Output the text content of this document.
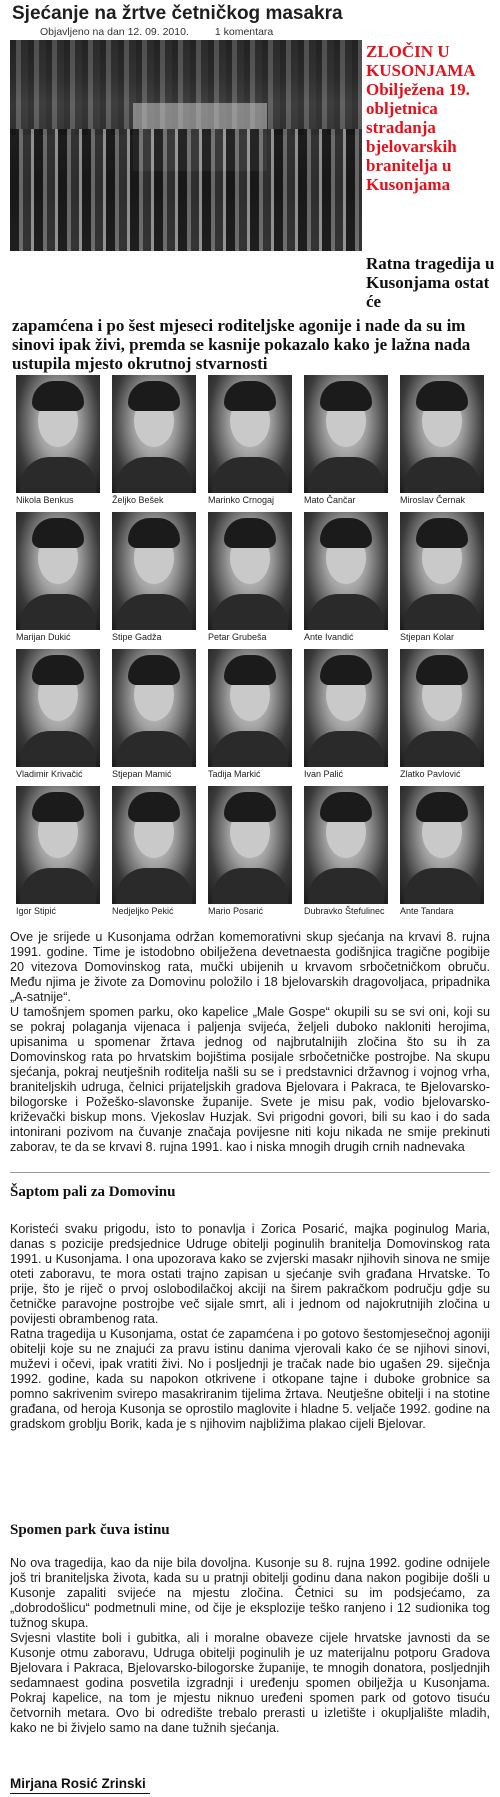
Sjećanje na žrtve četničkog masakra
Objavljeno na dan 12. 09. 2010. 1 komentara
ZLOČIN U KUSONJAMA Obilježena 19. obljetnica stradanja bjelovarskih branitelja u Kusonjama
Ratna tragedija u Kusonjama ostat će
zapamćena i po šest mjeseci roditeljske agonije i nade da su im sinovi ipak živi, premda se kasnije pokazalo kako je lažna nada ustupila mjesto okrutnoj stvarnosti
Nikola Benkus	Željko Bešek	Marinko Crnogaj	Mato Čančar	Miroslav Černak
Marijan Dukić	Stipe Gadža	Petar Grubeša	Ante Ivandić	Stjepan Kolar
Vladimir Krivačić	Stjepan Mamić	Tadija Markić	Ivan Palić	Zlatko Pavlović
Igor Stipić	Nedjeljko Pekić	Mario Posarić	Dubravko Štefulinec	Ante Tandara

Ove je srijede u Kusonjama održan komemorativni skup sjećanja na krvavi 8. rujna 1991. godine. Time je istodobno obilježena devetnaesta godišnjica tragične pogibije 20 vitezova Domovinskog rata, mučki ubijenih u krvavom srbočetničkom obruču. Među njima je živote za Domovinu položilo i 18 bjelovarskih dragovoljaca, pripadnika „A-satnije“.

U tamošnjem spomen parku, oko kapelice „Male Gospe“ okupili su se svi oni, koji su se pokraj polaganja vijenaca i paljenja svijeća, željeli duboko nakloniti herojima, upisanima u spomenar žrtava jednog od najbrutalnijih zločina što su ih za Domovinskog rata po hrvatskim bojištima posijale srbočetničke postrojbe. Na skupu sjećanja, pokraj neutješnih roditelja našli su se i predstavnici državnog i vojnog vrha, braniteljskih udruga, čelnici prijateljskih gradova Bjelovara i Pakraca, te Bjelovarsko-bilogorske i Požeško-slavonske županije. Svete je misu pak, vodio bjelovarsko-križevački biskup mons. Vjekoslav Huzjak. Svi prigodni govori, bili su kao i do sada intonirani pozivom na čuvanje značaja povijesne niti koju nikada ne smije prekinuti zaborav, te da se krvavi 8. rujna 1991. kao i niska mnogih drugih crnih nadnevaka

Šaptom pali za Domovinu

Koristeći svaku prigodu, isto to ponavlja i Zorica Posarić, majka poginulog Maria, danas s pozicije predsjednice Udruge obitelji poginulih branitelja Domovinskog rata 1991. u Kusonjama. I ona upozorava kako se zvjerski masakr njihovih sinova ne smije oteti zaboravu, te mora ostati trajno zapisan u sjećanje svih građana Hrvatske. To prije, što je riječ o prvoj oslobodilačkoj akciji na širem pakračkom području gdje su četničke paravojne postrojbe več sijale smrt, ali i jednom od najokrutnijih zločina u povijesti obrambenog rata.

Ratna tragedija u Kusonjama, ostat će zapamćena i po gotovo šestomjesečnoj agoniji obitelji koje su ne znajući za pravu istinu danima vjerovali kako će se njihovi sinovi, muževi i očevi, ipak vratiti živi. No i posljednji je tračak nade bio ugašen 29. siječnja 1992. godine, kada su napokon otkrivene i otkopane tajne i duboke grobnice sa pomno sakrivenim svirepo masakriranim tijelima žrtava. Neutješne obitelji i na stotine građana, od heroja Kusonja se oprostilo maglovite i hladne 5. veljače 1992. godine na gradskom groblju Borik, kada je s njihovim najbližima plakao cijeli Bjelovar.

Spomen park čuva istinu

No ova tragedija, kao da nije bila dovoljna. Kusonje su 8. rujna 1992. godine odnijele još tri braniteljska života, kada su u pratnji obitelji godinu dana nakon pogibije došli u Kusonje zapaliti svijeće na mjestu zločina. Četnici su im podsjećamo, za „dobrodošlicu“ podmetnuli mine, od čije je eksplozije teško ranjeno i 12 sudionika tog tužnog skupa.

Svjesni vlastite boli i gubitka, ali i moralne obaveze cijele hrvatske javnosti da se Kusonje otmu zaboravu, Udruga obitelji poginulih je uz materijalnu potporu Gradova Bjelovara i Pakraca, Bjelovarsko-bilogorske županije, te mnogih donatora, posljednjih sedamnaest godina posvetila izgradnji i uređenju spomen obilježja u Kusonjama. Pokraj kapelice, na tom je mjestu niknuo uređeni spomen park od gotovo tisuću četvornih metara. Ovo bi odredište trebalo prerasti u izletište i okupljalište mladih, kako ne bi živjelo samo na dane tužnih sjećanja.

Mirjana Rosić Zrinski
